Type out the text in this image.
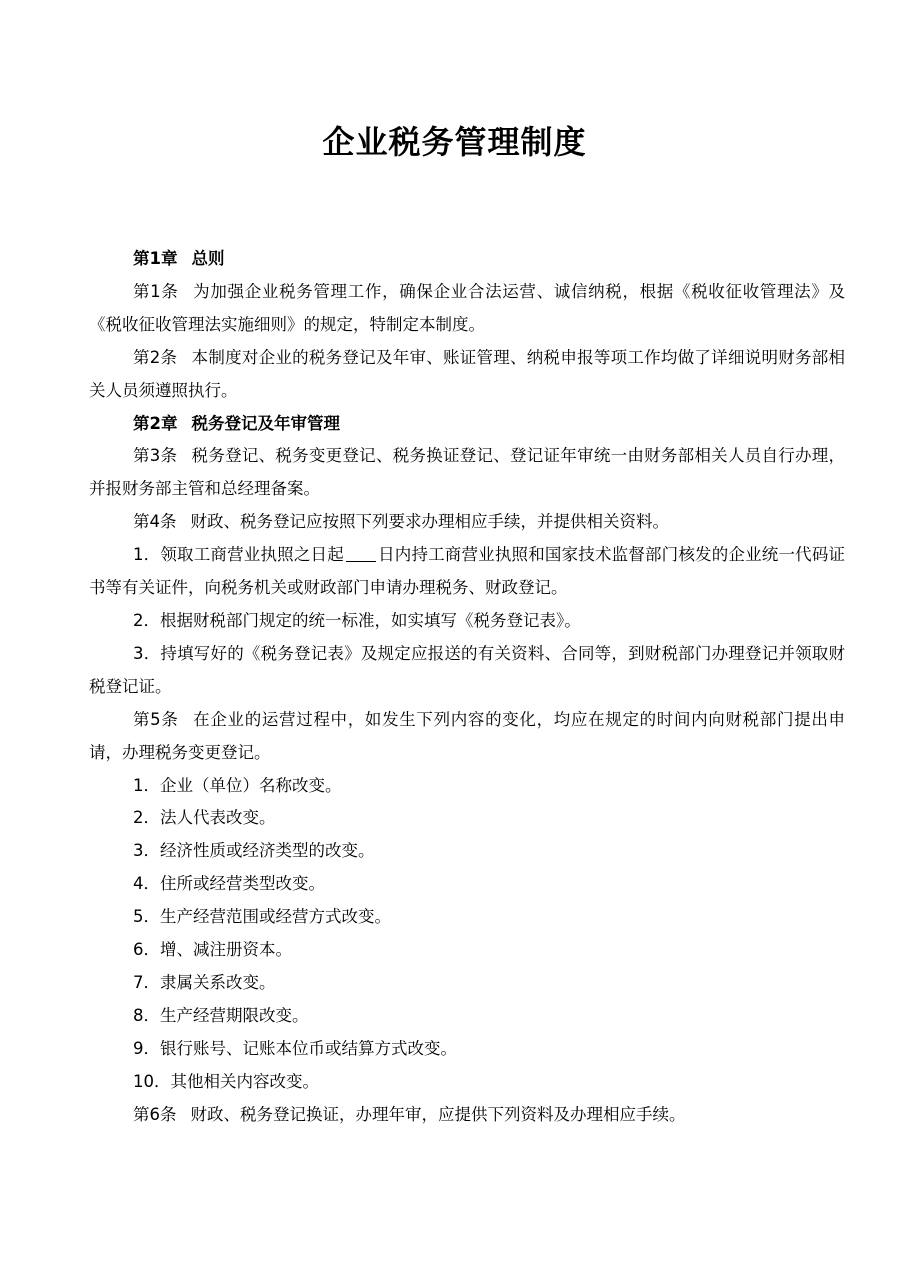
企业税务管理制度

第1章 总则

第1条 为加强企业税务管理工作，确保企业合法运营、诚信纳税，根据《税收征收管理法》及《税收征收管理法实施细则》的规定，特制定本制度。

第2条 本制度对企业的税务登记及年审、账证管理、纳税申报等项工作均做了详细说明财务部相关人员须遵照执行。

第2章 税务登记及年审管理

第3条 税务登记、税务变更登记、税务换证登记、登记证年审统一由财务部相关人员自行办理，并报财务部主管和总经理备案。

第4条 财政、税务登记应按照下列要求办理相应手续，并提供相关资料。

1．领取工商营业执照之日起 日内持工商营业执照和国家技术监督部门核发的企业统一代码证书等有关证件，向税务机关或财政部门申请办理税务、财政登记。

2．根据财税部门规定的统一标准，如实填写《税务登记表》。

3．持填写好的《税务登记表》及规定应报送的有关资料、合同等，到财税部门办理登记并领取财税登记证。

第5条 在企业的运营过程中，如发生下列内容的变化，均应在规定的时间内向财税部门提出申请，办理税务变更登记。

1．企业（单位）名称改变。

2．法人代表改变。

3．经济性质或经济类型的改变。

4．住所或经营类型改变。

5．生产经营范围或经营方式改变。

6．增、减注册资本。

7．隶属关系改变。

8．生产经营期限改变。

9．银行账号、记账本位币或结算方式改变。

10．其他相关内容改变。

第6条 财政、税务登记换证，办理年审，应提供下列资料及办理相应手续。
